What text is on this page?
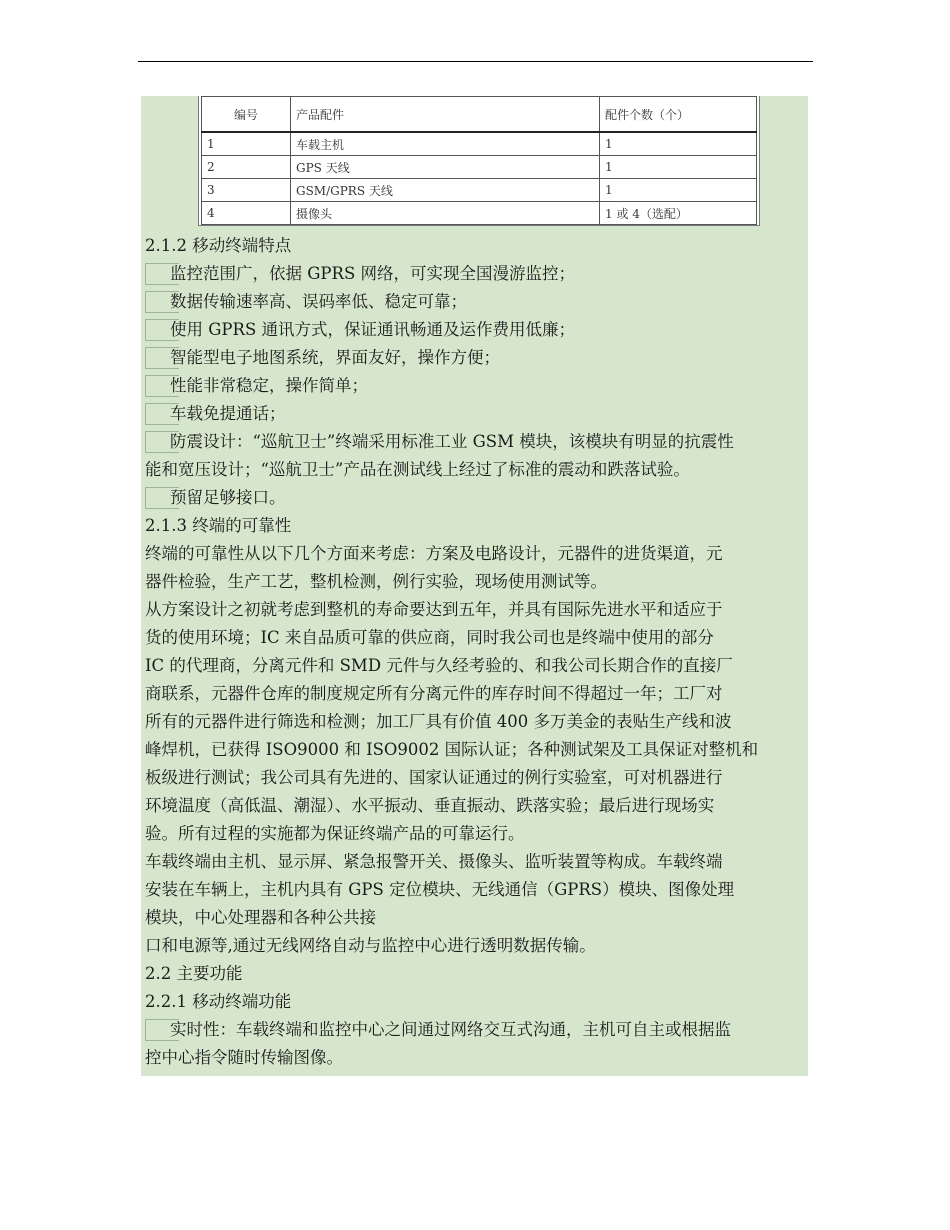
编号	产品配件	配件个数（个）
1	车载主机	1
2	GPS 天线	1
3	GSM/GPRS 天线	1
4	摄像头	1 或 4（选配）
2.1.2 移动终端特点
监控范围广，依据 GPRS 网络，可实现全国漫游监控；
数据传输速率高、误码率低、稳定可靠；
使用 GPRS 通讯方式，保证通讯畅通及运作费用低廉；
智能型电子地图系统，界面友好，操作方便；
性能非常稳定，操作简单；
车载免提通话；
防震设计：“巡航卫士”终端采用标准工业 GSM 模块，该模块有明显的抗震性
能和宽压设计；“巡航卫士”产品在测试线上经过了标准的震动和跌落试验。
预留足够接口。
2.1.3 终端的可靠性
终端的可靠性从以下几个方面来考虑：方案及电路设计，元器件的进货渠道，元
器件检验，生产工艺，整机检测，例行实验，现场使用测试等。
从方案设计之初就考虑到整机的寿命要达到五年，并具有国际先进水平和适应于
货的使用环境；IC 来自品质可靠的供应商，同时我公司也是终端中使用的部分
IC 的代理商，分离元件和 SMD 元件与久经考验的、和我公司长期合作的直接厂
商联系，元器件仓库的制度规定所有分离元件的库存时间不得超过一年；工厂对
所有的元器件进行筛选和检测；加工厂具有价值 400 多万美金的表贴生产线和波
峰焊机，已获得 ISO9000 和 ISO9002 国际认证；各种测试架及工具保证对整机和
板级进行测试；我公司具有先进的、国家认证通过的例行实验室，可对机器进行
环境温度（高低温、潮湿）、水平振动、垂直振动、跌落实验；最后进行现场实
验。所有过程的实施都为保证终端产品的可靠运行。
车载终端由主机、显示屏、紧急报警开关、摄像头、监听装置等构成。车载终端
安装在车辆上，主机内具有 GPS 定位模块、无线通信（GPRS）模块、图像处理
模块，中心处理器和各种公共接
口和电源等,通过无线网络自动与监控中心进行透明数据传输。
2.2 主要功能
2.2.1 移动终端功能
实时性：车载终端和监控中心之间通过网络交互式沟通，主机可自主或根据监
控中心指令随时传输图像。
